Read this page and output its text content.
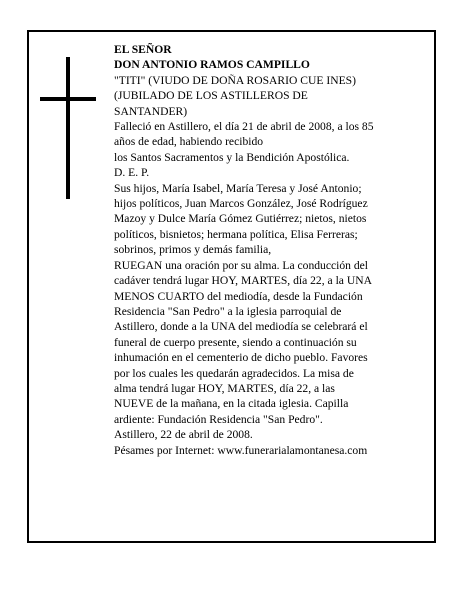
EL SEÑOR
DON ANTONIO RAMOS CAMPILLO
"TITI" (VIUDO DE DOÑA ROSARIO CUE INES)
(JUBILADO DE LOS ASTILLEROS DE
SANTANDER)
Falleció en Astillero, el día 21 de abril de 2008, a los 85
años de edad, habiendo recibido
los Santos Sacramentos y la Bendición Apostólica.
D. E. P.
Sus hijos, María Isabel, María Teresa y José Antonio;
hijos políticos, Juan Marcos González, José Rodríguez
Mazoy y Dulce María Gómez Gutiérrez; nietos, nietos
políticos, bisnietos; hermana política, Elisa Ferreras;
sobrinos, primos y demás familia,
RUEGAN una oración por su alma. La conducción del
cadáver tendrá lugar HOY, MARTES, día 22, a la UNA
MENOS CUARTO del mediodía, desde la Fundación
Residencia "San Pedro" a la iglesia parroquial de
Astillero, donde a la UNA del mediodía se celebrará el
funeral de cuerpo presente, siendo a continuación su
inhumación en el cementerio de dicho pueblo. Favores
por los cuales les quedarán agradecidos. La misa de
alma tendrá lugar HOY, MARTES, día 22, a las
NUEVE de la mañana, en la citada iglesia. Capilla
ardiente: Fundación Residencia "San Pedro".
Astillero, 22 de abril de 2008.
Pésames por Internet: www.funerarialamontanesa.com
